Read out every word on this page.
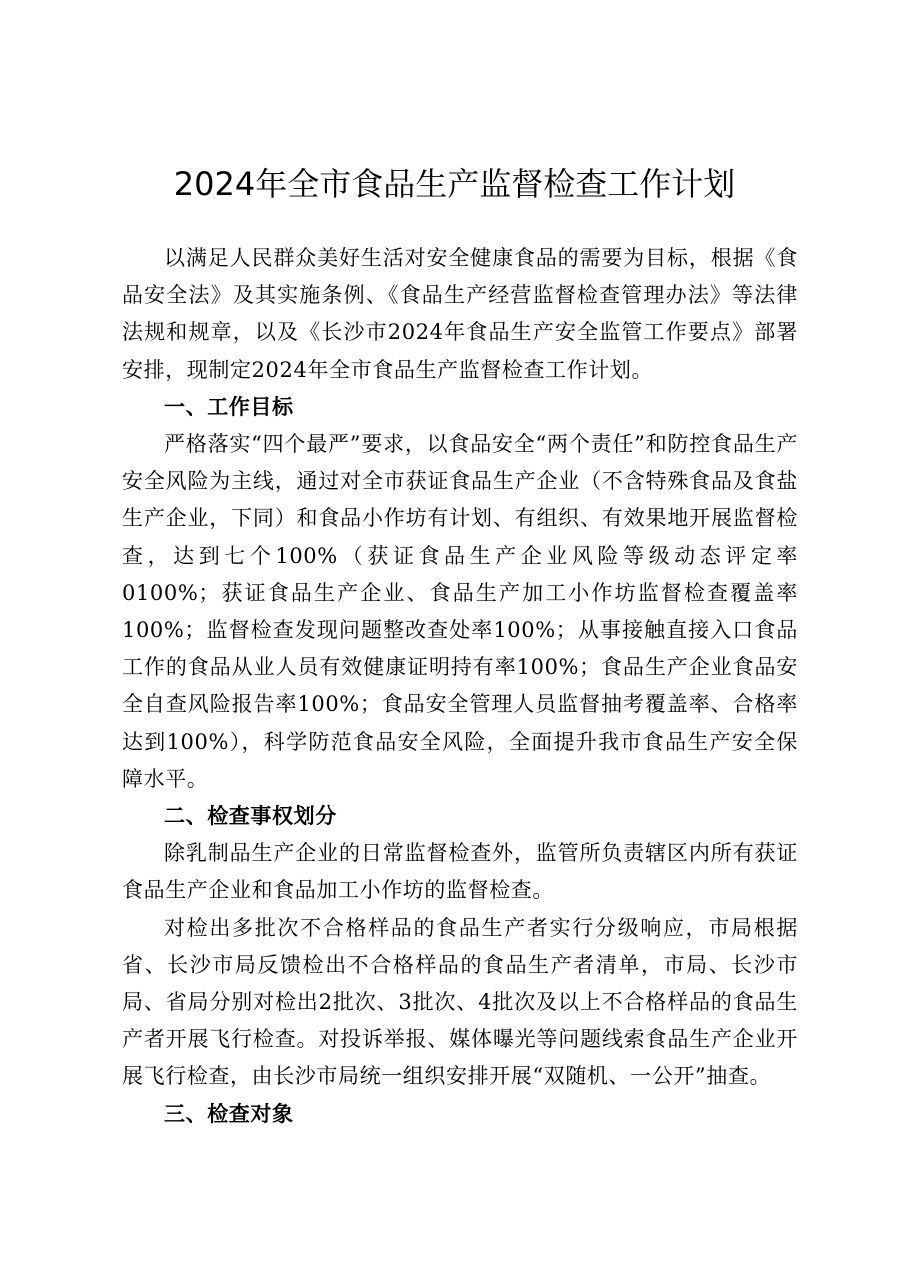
2024年全市食品生产监督检查工作计划

以满足人民群众美好生活对安全健康食品的需要为目标，根据《食品安全法》及其实施条例、《食品生产经营监督检查管理办法》等法律法规和规章，以及《长沙市2024年食品生产安全监管工作要点》部署安排，现制定2024年全市食品生产监督检查工作计划。

一、工作目标

严格落实“四个最严”要求，以食品安全“两个责任”和防控食品生产安全风险为主线，通过对全市获证食品生产企业（不含特殊食品及食盐生产企业，下同）和食品小作坊有计划、有组织、有效果地开展监督检查，达到七个100%（获证食品生产企业风险等级动态评定率0100%；获证食品生产企业、食品生产加工小作坊监督检查覆盖率100%；监督检查发现问题整改查处率100%；从事接触直接入口食品工作的食品从业人员有效健康证明持有率100%；食品生产企业食品安全自查风险报告率100%；食品安全管理人员监督抽考覆盖率、合格率达到100%），科学防范食品安全风险，全面提升我市食品生产安全保障水平。

二、检查事权划分

除乳制品生产企业的日常监督检查外，监管所负责辖区内所有获证食品生产企业和食品加工小作坊的监督检查。

对检出多批次不合格样品的食品生产者实行分级响应，市局根据省、长沙市局反馈检出不合格样品的食品生产者清单，市局、长沙市局、省局分别对检出2批次、3批次、4批次及以上不合格样品的食品生产者开展飞行检查。对投诉举报、媒体曝光等问题线索食品生产企业开展飞行检查，由长沙市局统一组织安排开展“双随机、一公开”抽查。

三、检查对象
